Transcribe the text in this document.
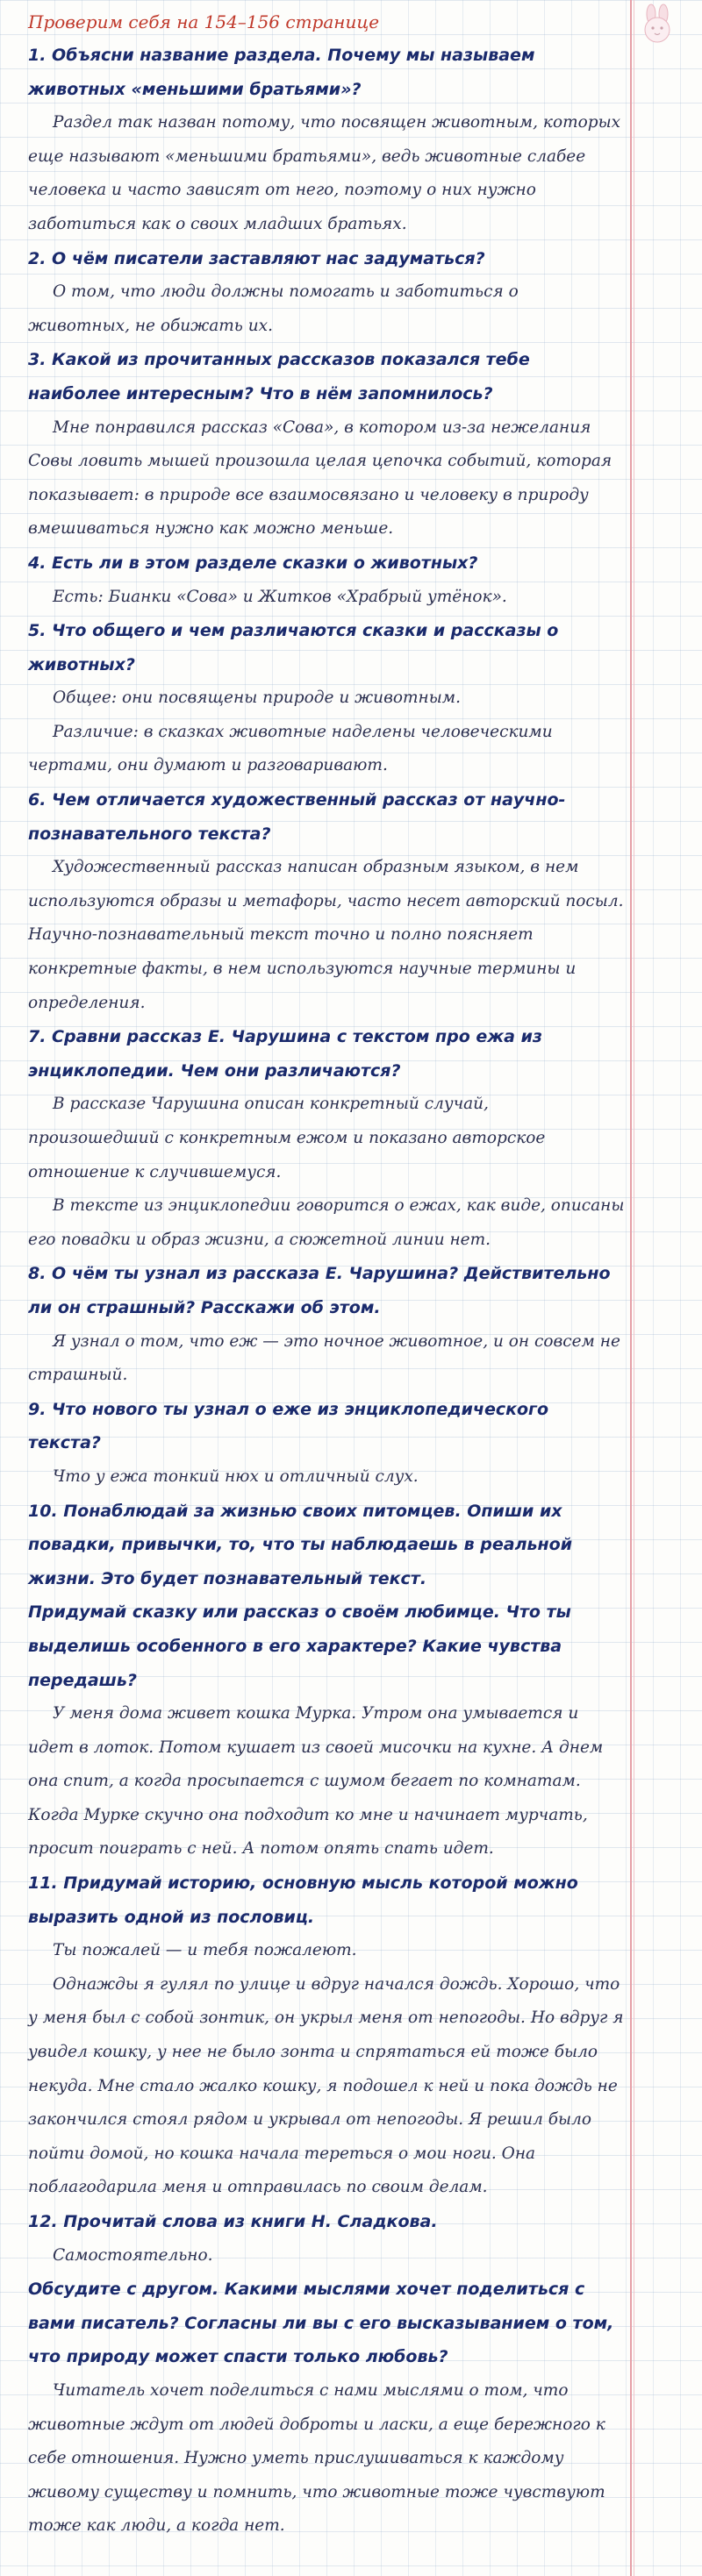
Проверим себя на 154–156 странице

1. Объясни название раздела. Почему мы называем животных «меньшими братьями»?

Раздел так назван потому, что посвящен животным, которых еще называют «меньшими братьями», ведь животные слабее человека и часто зависят от него, поэтому о них нужно заботиться как о своих младших братьях.

2. О чём писатели заставляют нас задуматься?

О том, что люди должны помогать и заботиться о животных, не обижать их.

3. Какой из прочитанных рассказов показался тебе наиболее интересным? Что в нём запомнилось?

Мне понравился рассказ «Сова», в котором из-за нежелания Совы ловить мышей произошла целая цепочка событий, которая показывает: в природе все взаимосвязано и человеку в природу вмешиваться нужно как можно меньше.

4. Есть ли в этом разделе сказки о животных?

Есть: Бианки «Сова» и Житков «Храбрый утёнок».

5. Что общего и чем различаются сказки и рассказы о животных?

Общее: они посвящены природе и животным.

Различие: в сказках животные наделены человеческими чертами, они думают и разговаривают.

6. Чем отличается художественный рассказ от научно-познавательного текста?

Художественный рассказ написан образным языком, в нем используются образы и метафоры, часто несет авторский посыл. Научно-познавательный текст точно и полно поясняет конкретные факты, в нем используются научные термины и определения.

7. Сравни рассказ Е. Чарушина с текстом про ежа из энциклопедии. Чем они различаются?

В рассказе Чарушина описан конкретный случай, произошедший с конкретным ежом и показано авторское отношение к случившемуся.

В тексте из энциклопедии говорится о ежах, как виде, описаны его повадки и образ жизни, а сюжетной линии нет.

8. О чём ты узнал из рассказа Е. Чарушина? Действительно ли он страшный? Расскажи об этом.

Я узнал о том, что еж — это ночное животное, и он совсем не страшный.

9. Что нового ты узнал о еже из энциклопедического текста?

Что у ежа тонкий нюх и отличный слух.

10. Понаблюдай за жизнью своих питомцев. Опиши их повадки, привычки, то, что ты наблюдаешь в реальной жизни. Это будет познавательный текст.

Придумай сказку или рассказ о своём любимце. Что ты выделишь особенного в его характере? Какие чувства передашь?

У меня дома живет кошка Мурка. Утром она умывается и идет в лоток. Потом кушает из своей мисочки на кухне. А днем она спит, а когда просыпается с шумом бегает по комнатам. Когда Мурке скучно она подходит ко мне и начинает мурчать, просит поиграть с ней. А потом опять спать идет.

11. Придумай историю, основную мысль которой можно выразить одной из пословиц.

Ты пожалей — и тебя пожалеют.

Однажды я гулял по улице и вдруг начался дождь. Хорошо, что у меня был с собой зонтик, он укрыл меня от непогоды. Но вдруг я увидел кошку, у нее не было зонта и спрятаться ей тоже было некуда. Мне стало жалко кошку, я подошел к ней и пока дождь не закончился стоял рядом и укрывал от непогоды. Я решил было пойти домой, но кошка начала тереться о мои ноги. Она поблагодарила меня и отправилась по своим делам.

12. Прочитай слова из книги Н. Сладкова.

Самостоятельно.

Обсудите с другом. Какими мыслями хочет поделиться с вами писатель? Согласны ли вы с его высказыванием о том, что природу может спасти только любовь?

Читатель хочет поделиться с нами мыслями о том, что животные ждут от людей доброты и ласки, а еще бережного к себе отношения. Нужно уметь прислушиваться к каждому живому существу и помнить, что животные тоже чувствуют тоже как люди, а когда нет.
